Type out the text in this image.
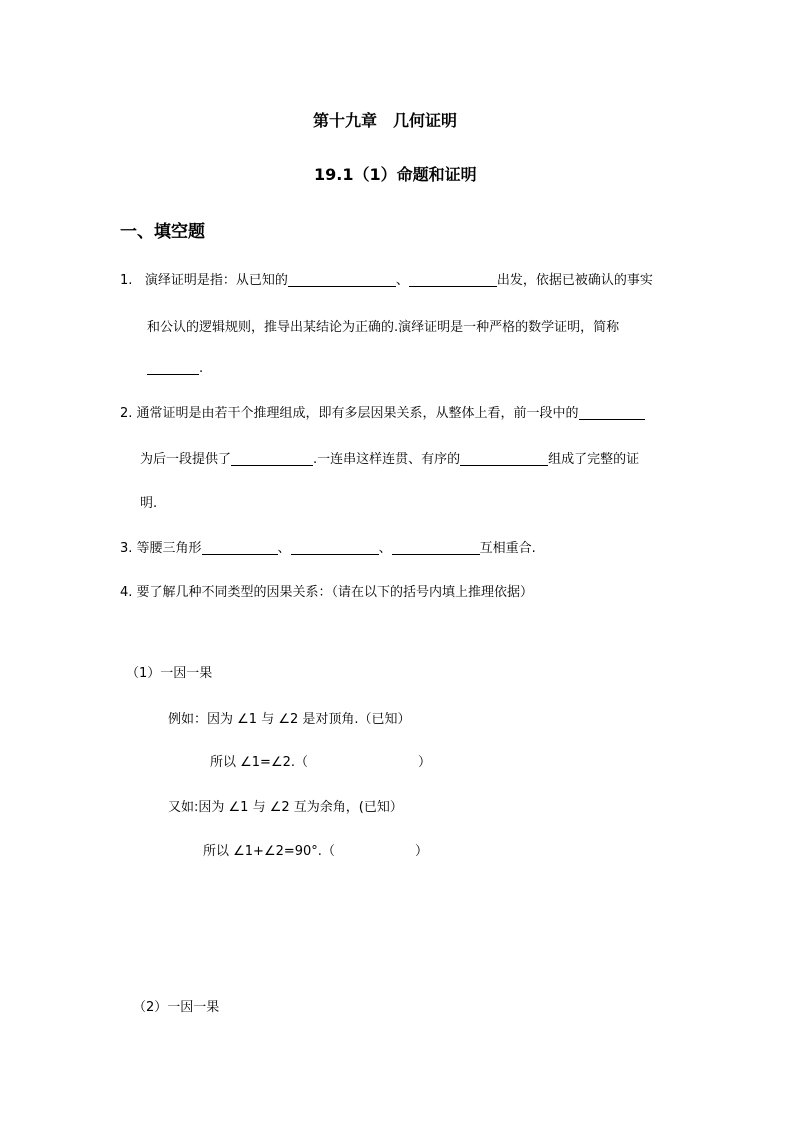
第十九章　几何证明
19.1（1）命题和证明
一、填空题
1. 演绎证明是指：从已知的	、	出发，依据已被确认的事实
和公认的逻辑规则，推导出某结论为正确的.演绎证明是一种严格的数学证明，简称
.
2. 通常证明是由若干个推理组成，即有多层因果关系，从整体上看，前一段中的
为后一段提供了	.一连串这样连贯、有序的	组成了完整的证
明.
3. 等腰三角形	、	、	互相重合.
4. 要了解几种不同类型的因果关系：（请在以下的括号内填上推理依据）
（1）一因一果
例如：因为 ∠1 与 ∠2 是对顶角.（已知）
所以 ∠1=∠2.（	）
又如:因为 ∠1 与 ∠2 互为余角，(已知）
所以 ∠1+∠2=90°.（	）
（2）一因一果
